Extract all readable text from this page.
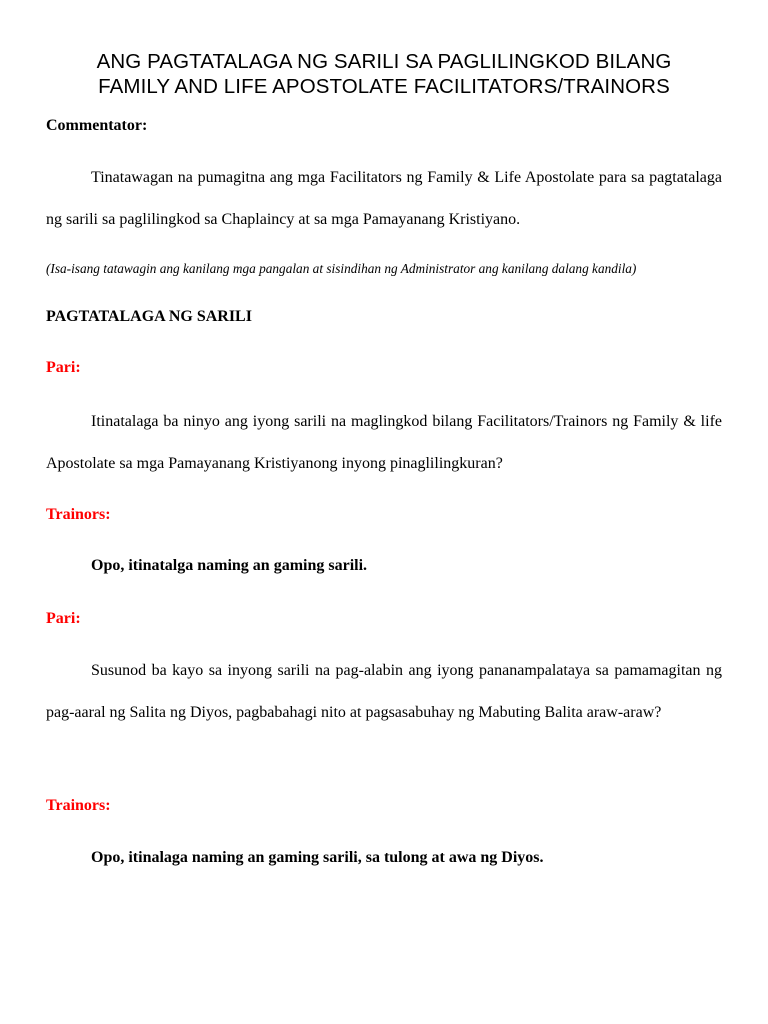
ANG PAGTATALAGA NG SARILI SA PAGLILINGKOD BILANG
FAMILY AND LIFE APOSTOLATE FACILITATORS/TRAINORS

Commentator:

Tinatawagan na pumagitna ang mga Facilitators ng Family & Life Apostolate para sa pagtatalaga ng sarili sa paglilingkod sa Chaplaincy at sa mga Pamayanang Kristiyano.

(Isa-isang tatawagin ang kanilang mga pangalan at sisindihan ng Administrator ang kanilang dalang kandila)

PAGTATALAGA NG SARILI

Pari:

Itinatalaga ba ninyo ang iyong sarili na maglingkod bilang Facilitators/Trainors ng Family & life Apostolate sa mga Pamayanang Kristiyanong inyong pinaglilingkuran?

Trainors:

Opo, itinatalga naming an gaming sarili.

Pari:

Susunod ba kayo sa inyong sarili na pag-alabin ang iyong pananampalataya sa pamamagitan ng pag-aaral ng Salita ng Diyos, pagbabahagi nito at pagsasabuhay ng Mabuting Balita araw-araw?

Trainors:

Opo, itinalaga naming an gaming sarili, sa tulong at awa ng Diyos.
